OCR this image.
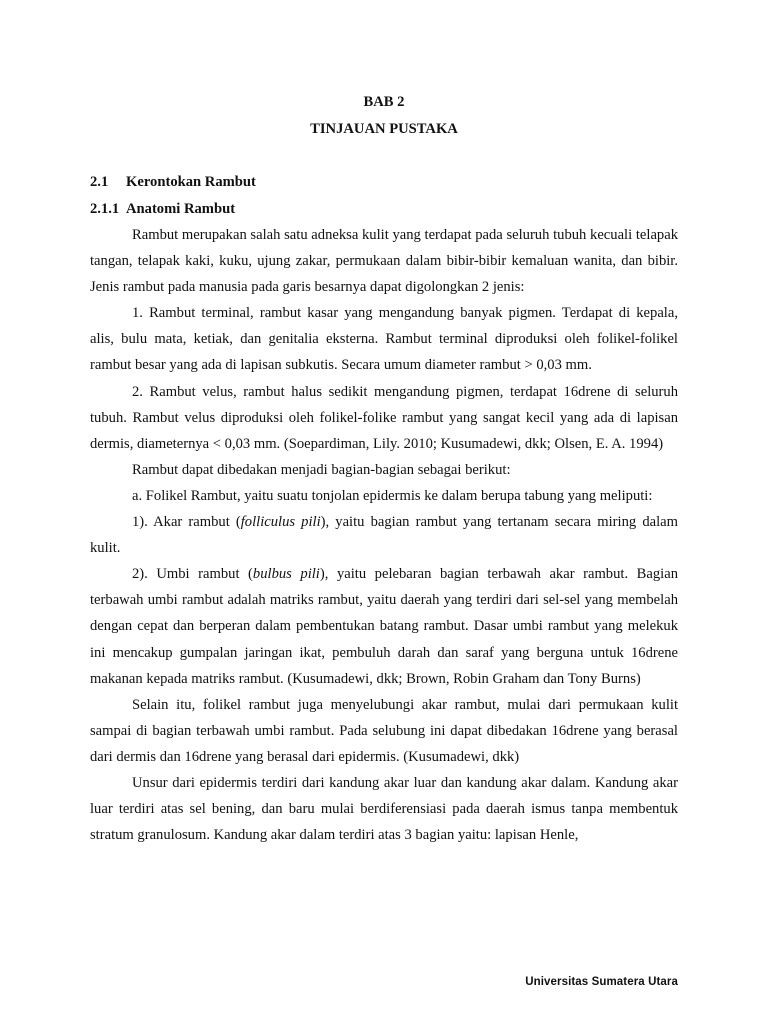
BAB 2
TINJAUAN PUSTAKA
2.1 Kerontokan Rambut
2.1.1 Anatomi Rambut

Rambut merupakan salah satu adneksa kulit yang terdapat pada seluruh tubuh kecuali telapak tangan, telapak kaki, kuku, ujung zakar, permukaan dalam bibir-bibir kemaluan wanita, dan bibir. Jenis rambut pada manusia pada garis besarnya dapat digolongkan 2 jenis:

1. Rambut terminal, rambut kasar yang mengandung banyak pigmen. Terdapat di kepala, alis, bulu mata, ketiak, dan genitalia eksterna. Rambut terminal diproduksi oleh folikel-folikel rambut besar yang ada di lapisan subkutis. Secara umum diameter rambut > 0,03 mm.

2. Rambut velus, rambut halus sedikit mengandung pigmen, terdapat 16drene di seluruh tubuh. Rambut velus diproduksi oleh folikel-folike rambut yang sangat kecil yang ada di lapisan dermis, diameternya < 0,03 mm. (Soepardiman, Lily. 2010; Kusumadewi, dkk; Olsen, E. A. 1994)

Rambut dapat dibedakan menjadi bagian-bagian sebagai berikut:

a. Folikel Rambut, yaitu suatu tonjolan epidermis ke dalam berupa tabung yang meliputi:

1). Akar rambut (folliculus pili), yaitu bagian rambut yang tertanam secara miring dalam kulit.

2). Umbi rambut (bulbus pili), yaitu pelebaran bagian terbawah akar rambut. Bagian terbawah umbi rambut adalah matriks rambut, yaitu daerah yang terdiri dari sel-sel yang membelah dengan cepat dan berperan dalam pembentukan batang rambut. Dasar umbi rambut yang melekuk ini mencakup gumpalan jaringan ikat, pembuluh darah dan saraf yang berguna untuk 16drene makanan kepada matriks rambut. (Kusumadewi, dkk; Brown, Robin Graham dan Tony Burns)

Selain itu, folikel rambut juga menyelubungi akar rambut, mulai dari permukaan kulit sampai di bagian terbawah umbi rambut. Pada selubung ini dapat dibedakan 16drene yang berasal dari dermis dan 16drene yang berasal dari epidermis. (Kusumadewi, dkk)

Unsur dari epidermis terdiri dari kandung akar luar dan kandung akar dalam. Kandung akar luar terdiri atas sel bening, dan baru mulai berdiferensiasi pada daerah ismus tanpa membentuk stratum granulosum. Kandung akar dalam terdiri atas 3 bagian yaitu: lapisan Henle,

Universitas Sumatera Utara
